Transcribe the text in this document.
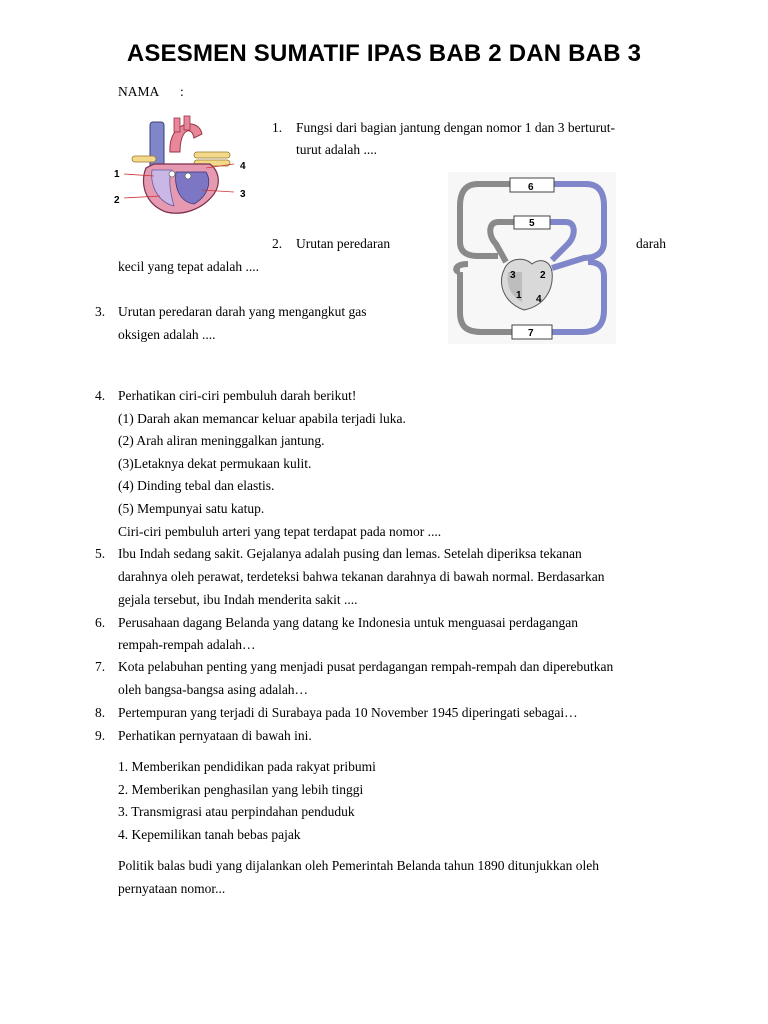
ASESMEN SUMATIF IPAS BAB 2 DAN BAB 3
NAMA :
1
2
3
4
1. Fungsi dari bagian jantung dengan nomor 1 dan 3 berturut-
turut adalah ....
6
5
3 2
1 4
7
2. Urutan peredaran	darah
kecil yang tepat adalah ....
3. Urutan peredaran darah yang mengangkut gas
oksigen adalah ....
4. Perhatikan ciri-ciri pembuluh darah berikut!
(1) Darah akan memancar keluar apabila terjadi luka.
(2) Arah aliran meninggalkan jantung.
(3)Letaknya dekat permukaan kulit.
(4) Dinding tebal dan elastis.
(5) Mempunyai satu katup.
Ciri-ciri pembuluh arteri yang tepat terdapat pada nomor ....
5. Ibu Indah sedang sakit. Gejalanya adalah pusing dan lemas. Setelah diperiksa tekanan
darahnya oleh perawat, terdeteksi bahwa tekanan darahnya di bawah normal. Berdasarkan
gejala tersebut, ibu Indah menderita sakit ....
6. Perusahaan dagang Belanda yang datang ke Indonesia untuk menguasai perdagangan
rempah-rempah adalah…
7. Kota pelabuhan penting yang menjadi pusat perdagangan rempah-rempah dan diperebutkan
oleh bangsa-bangsa asing adalah…
8. Pertempuran yang terjadi di Surabaya pada 10 November 1945 diperingati sebagai…
9. Perhatikan pernyataan di bawah ini.
1. Memberikan pendidikan pada rakyat pribumi
2. Memberikan penghasilan yang lebih tinggi
3. Transmigrasi atau perpindahan penduduk
4. Kepemilikan tanah bebas pajak
Politik balas budi yang dijalankan oleh Pemerintah Belanda tahun 1890 ditunjukkan oleh
pernyataan nomor...
